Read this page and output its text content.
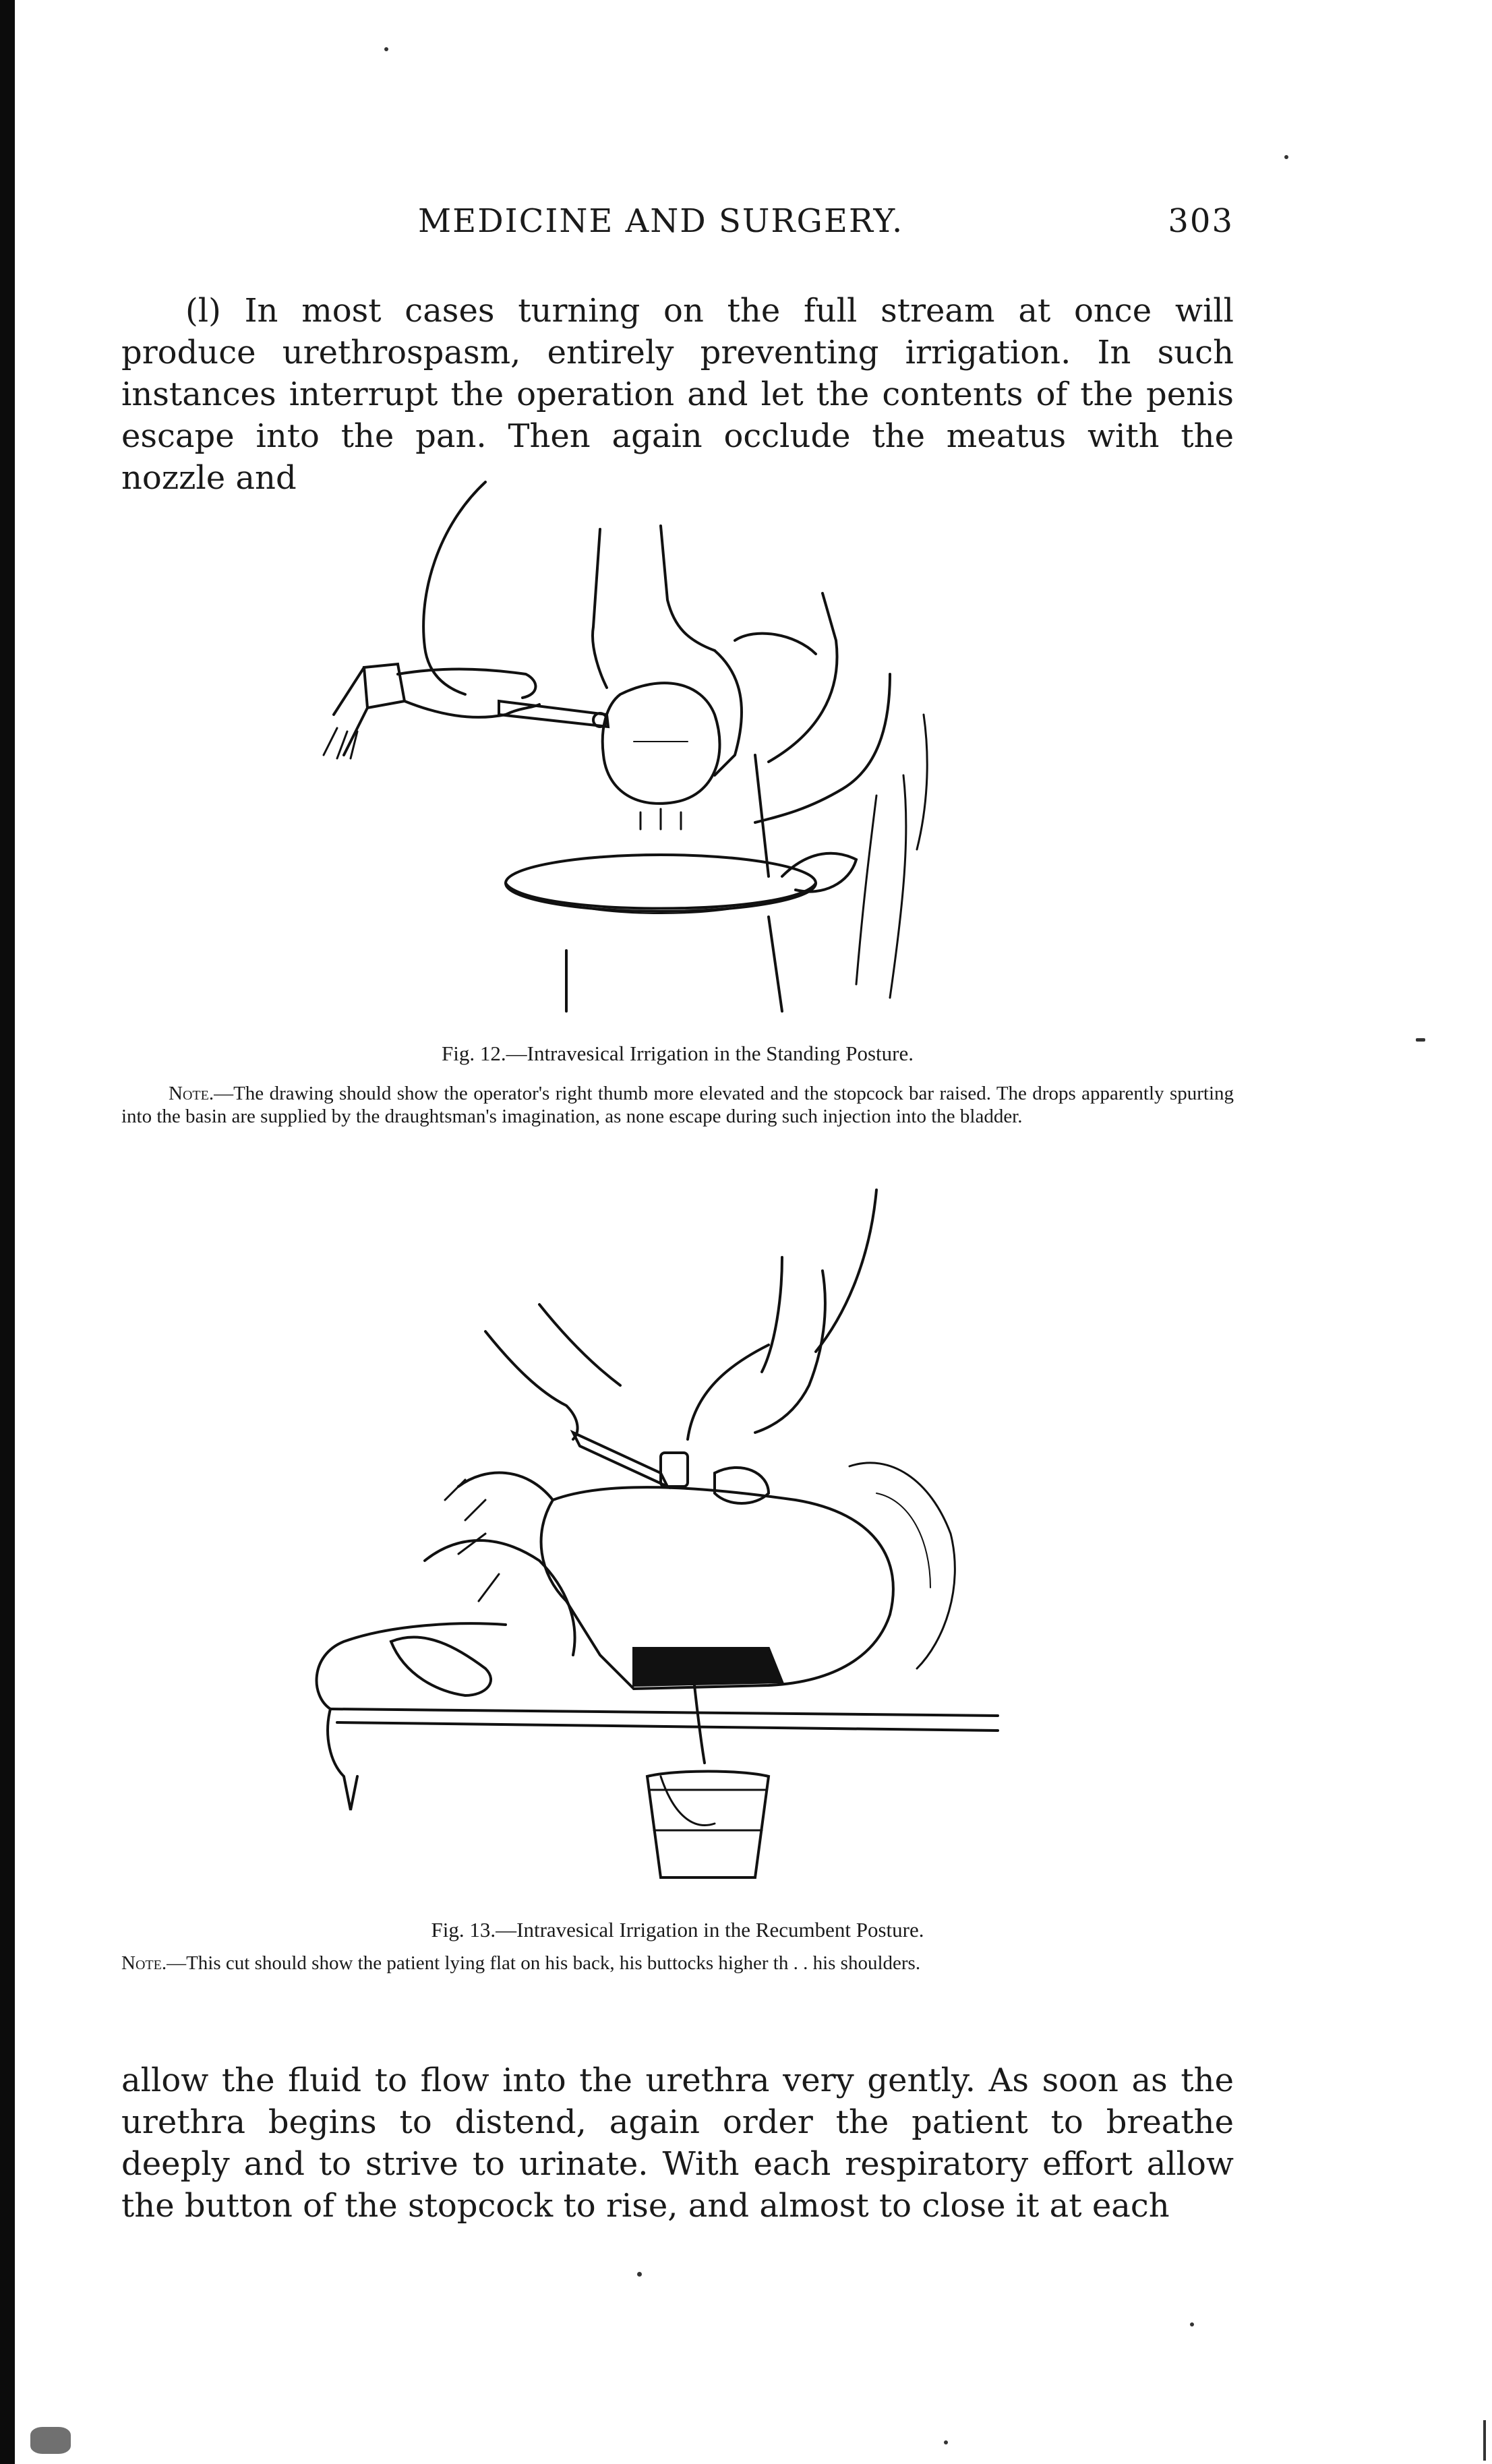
MEDICINE AND SURGERY.	303

(l) In most cases turning on the full stream at once will produce urethrospasm, entirely preventing irrigation. In such instances interrupt the operation and let the contents of the penis escape into the pan. Then again occlude the meatus with the nozzle and

Fig. 12.—Intravesical Irrigation in the Standing Posture.
Note.—The drawing should show the operator's right thumb more elevated and the stopcock bar raised. The drops apparently spurting into the basin are supplied by the draughtsman's imagination, as none escape during such injection into the bladder.
Fig. 13.—Intravesical Irrigation in the Recumbent Posture.
Note.—This cut should show the patient lying flat on his back, his buttocks higher th . . his shoulders.

allow the fluid to flow into the urethra very gently. As soon as the urethra begins to distend, again order the patient to breathe deeply and to strive to urinate. With each respiratory effort allow the button of the stopcock to rise, and almost to close it at each
